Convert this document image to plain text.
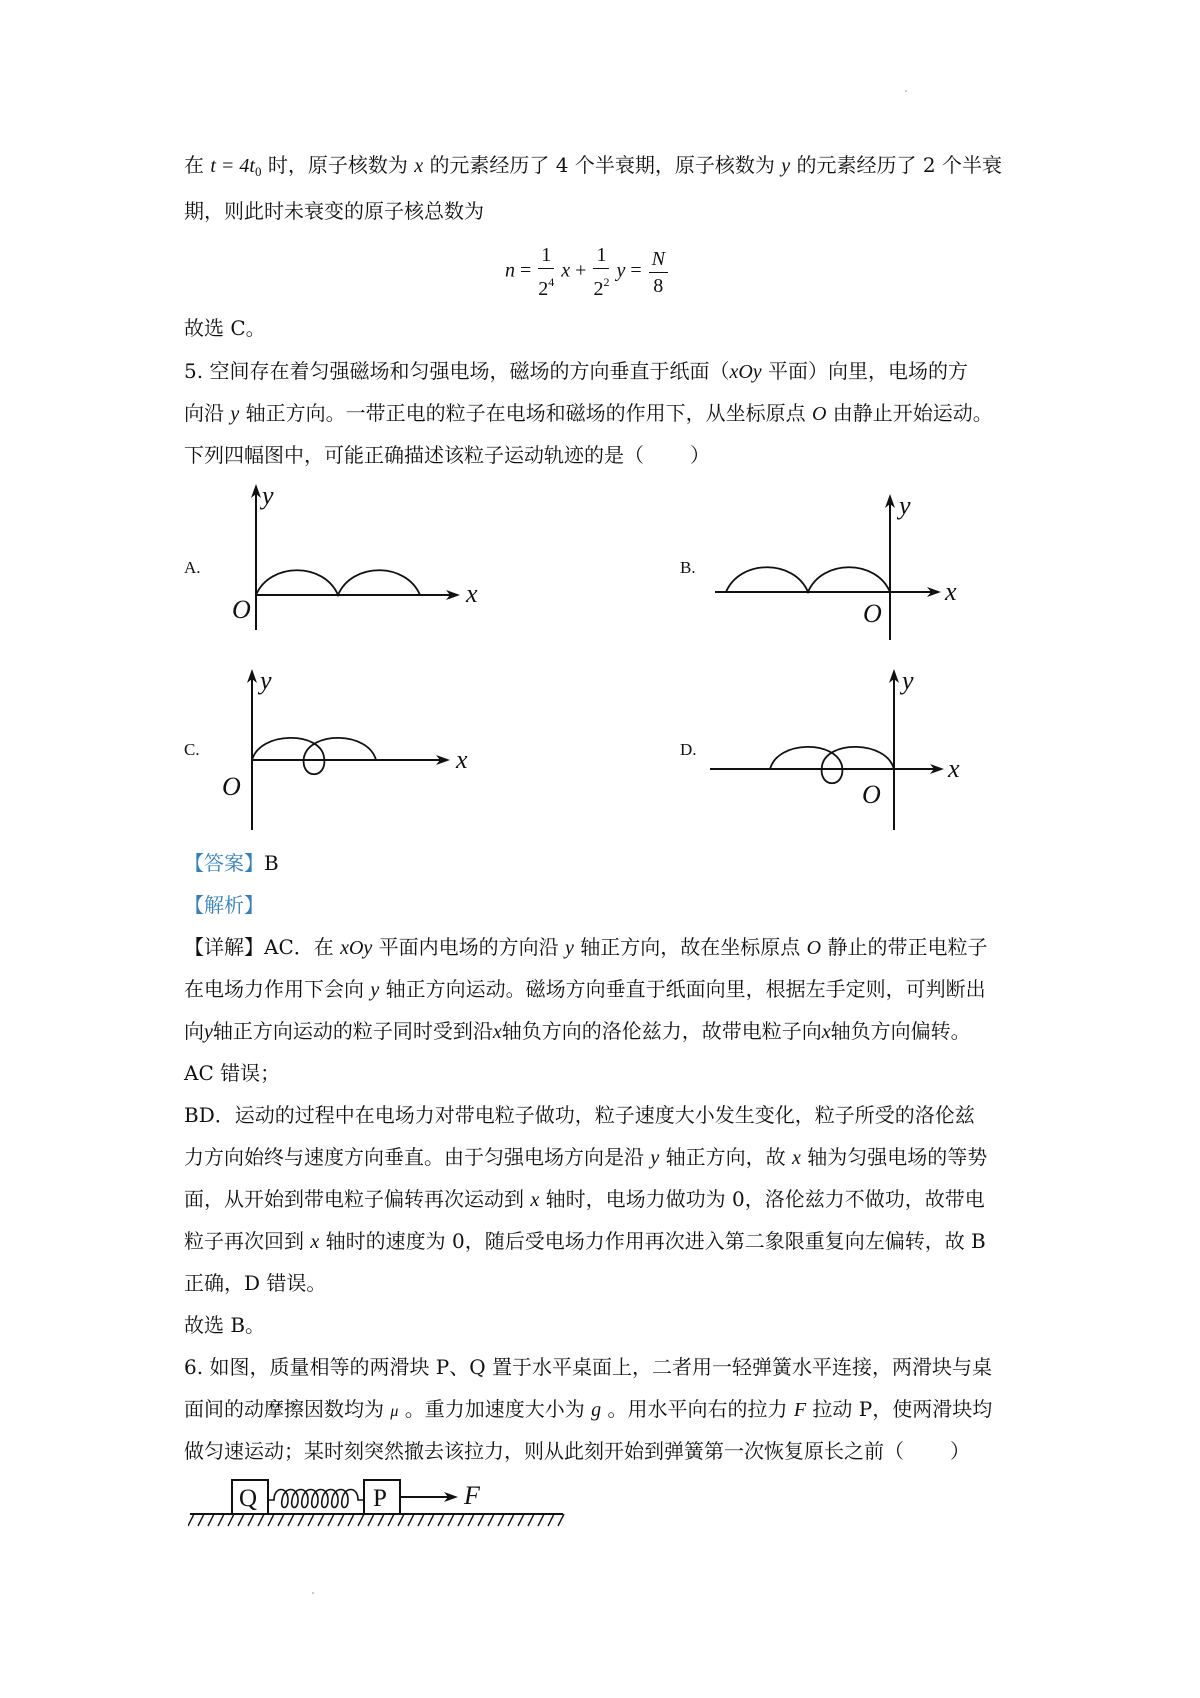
在 $t = 4t_0$ 时，原子核数为 x 的元素经历了 4 个半衰期，原子核数为 y 的元素经历了 2 个半衰
期，则此时未衰变的原子核总数为
$n = \frac{1}{2^4}$ $x + \frac{1}{2^2}$ $y = \frac{N}{8}$
故选 C。
5. 空间存在着匀强磁场和匀强电场，磁场的方向垂直于纸面（xOy 平面）向里，电场的方
向沿 y 轴正方向。一带正电的粒子在电场和磁场的作用下，从坐标原点 O 由静止开始运动。
下列四幅图中，可能正确描述该粒子运动轨迹的是（ ）
A.	B.
C.	D.
y
x
O
y
x
O
y
x
O
y
x
O
【答案】B
【解析】
【详解】AC．在 xOy 平面内电场的方向沿 y 轴正方向，故在坐标原点 O 静止的带正电粒子
在电场力作用下会向 y 轴正方向运动。磁场方向垂直于纸面向里，根据左手定则，可判断出
向y轴正方向运动的粒子同时受到沿x轴负方向的洛伦兹力，故带电粒子向x轴负方向偏转。
AC 错误；
BD．运动的过程中在电场力对带电粒子做功，粒子速度大小发生变化，粒子所受的洛伦兹
力方向始终与速度方向垂直。由于匀强电场方向是沿 y 轴正方向，故 x 轴为匀强电场的等势
面，从开始到带电粒子偏转再次运动到 x 轴时，电场力做功为 0，洛伦兹力不做功，故带电
粒子再次回到 x 轴时的速度为 0，随后受电场力作用再次进入第二象限重复向左偏转，故 B
正确，D 错误。
故选 B。
6. 如图，质量相等的两滑块 P、Q 置于水平桌面上，二者用一轻弹簧水平连接，两滑块与桌
面间的动摩擦因数均为 μ 。重力加速度大小为 g 。用水平向右的拉力 F 拉动 P，使两滑块均
做匀速运动；某时刻突然撤去该拉力，则从此刻开始到弹簧第一次恢复原长之前（ ）
Q	P	F
